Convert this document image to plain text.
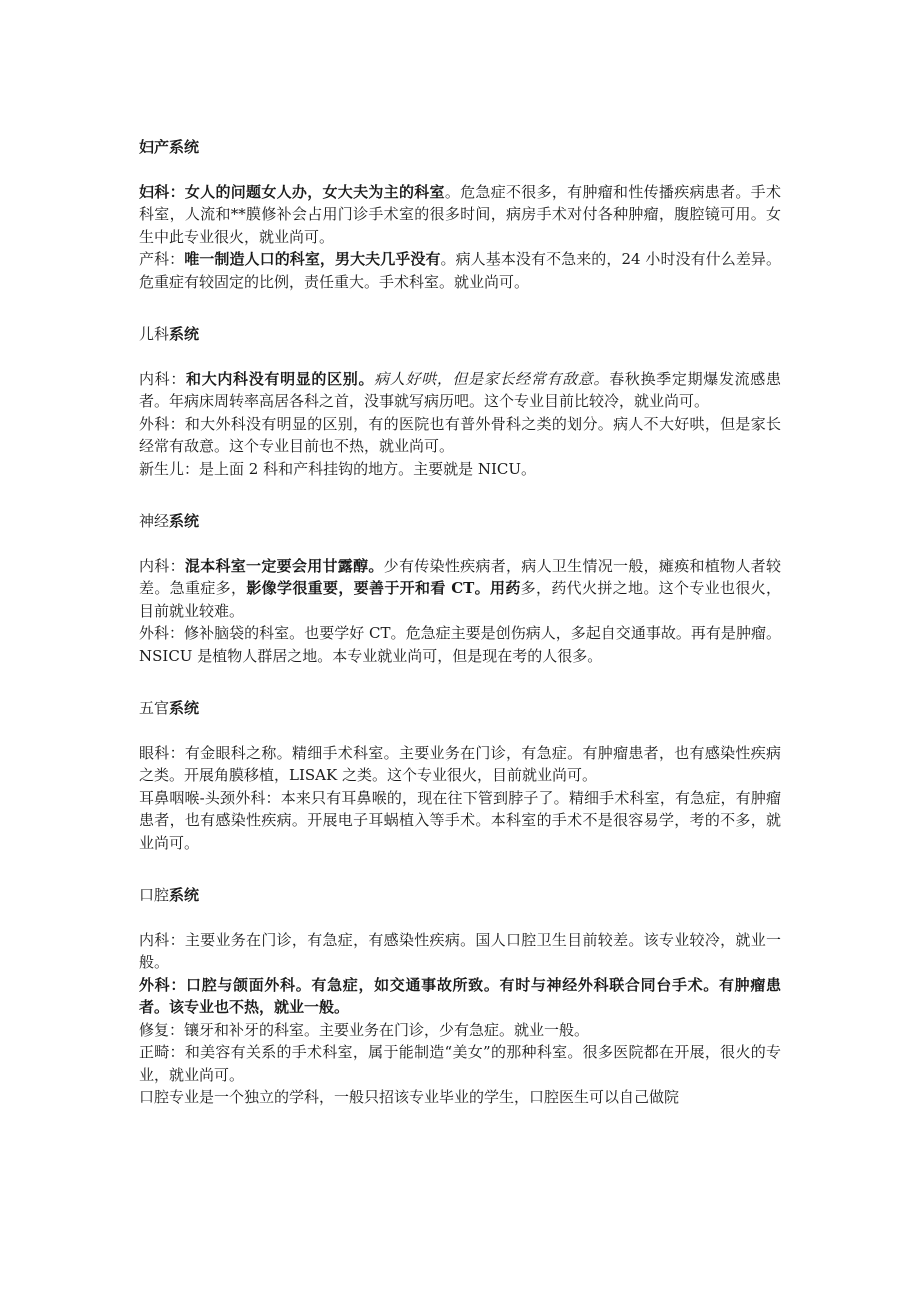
妇产系统

妇科：女人的问题女人办，女大夫为主的科室。危急症不很多，有肿瘤和性传播疾病患者。手术科室，人流和**膜修补会占用门诊手术室的很多时间，病房手术对付各种肿瘤，腹腔镜可用。女生中此专业很火，就业尚可。

产科：唯一制造人口的科室，男大夫几乎没有。病人基本没有不急来的，24 小时没有什么差异。危重症有较固定的比例，责任重大。手术科室。就业尚可。

儿科系统

内科：和大内科没有明显的区别。病人好哄，但是家长经常有敌意。春秋换季定期爆发流感患者。年病床周转率高居各科之首，没事就写病历吧。这个专业目前比较冷，就业尚可。

外科：和大外科没有明显的区别，有的医院也有普外骨科之类的划分。病人不大好哄，但是家长经常有敌意。这个专业目前也不热，就业尚可。

新生儿：是上面 2 科和产科挂钩的地方。主要就是 NICU。

神经系统

内科：混本科室一定要会用甘露醇。少有传染性疾病者，病人卫生情况一般，瘫痪和植物人者较差。急重症多，影像学很重要，要善于开和看 CT。用药多，药代火拼之地。这个专业也很火，目前就业较难。

外科：修补脑袋的科室。也要学好 CT。危急症主要是创伤病人，多起自交通事故。再有是肿瘤。NSICU 是植物人群居之地。本专业就业尚可，但是现在考的人很多。

五官系统

眼科：有金眼科之称。精细手术科室。主要业务在门诊，有急症。有肿瘤患者，也有感染性疾病之类。开展角膜移植，LISAK 之类。这个专业很火，目前就业尚可。

耳鼻咽喉-头颈外科：本来只有耳鼻喉的，现在往下管到脖子了。精细手术科室，有急症，有肿瘤患者，也有感染性疾病。开展电子耳蜗植入等手术。本科室的手术不是很容易学，考的不多，就业尚可。

口腔系统

内科：主要业务在门诊，有急症，有感染性疾病。国人口腔卫生目前较差。该专业较冷，就业一般。

外科：口腔与颌面外科。有急症，如交通事故所致。有时与神经外科联合同台手术。有肿瘤患者。该专业也不热，就业一般。

修复：镶牙和补牙的科室。主要业务在门诊，少有急症。就业一般。

正畸：和美容有关系的手术科室，属于能制造“美女”的那种科室。很多医院都在开展，很火的专业，就业尚可。

口腔专业是一个独立的学科，一般只招该专业毕业的学生，口腔医生可以自己做院
